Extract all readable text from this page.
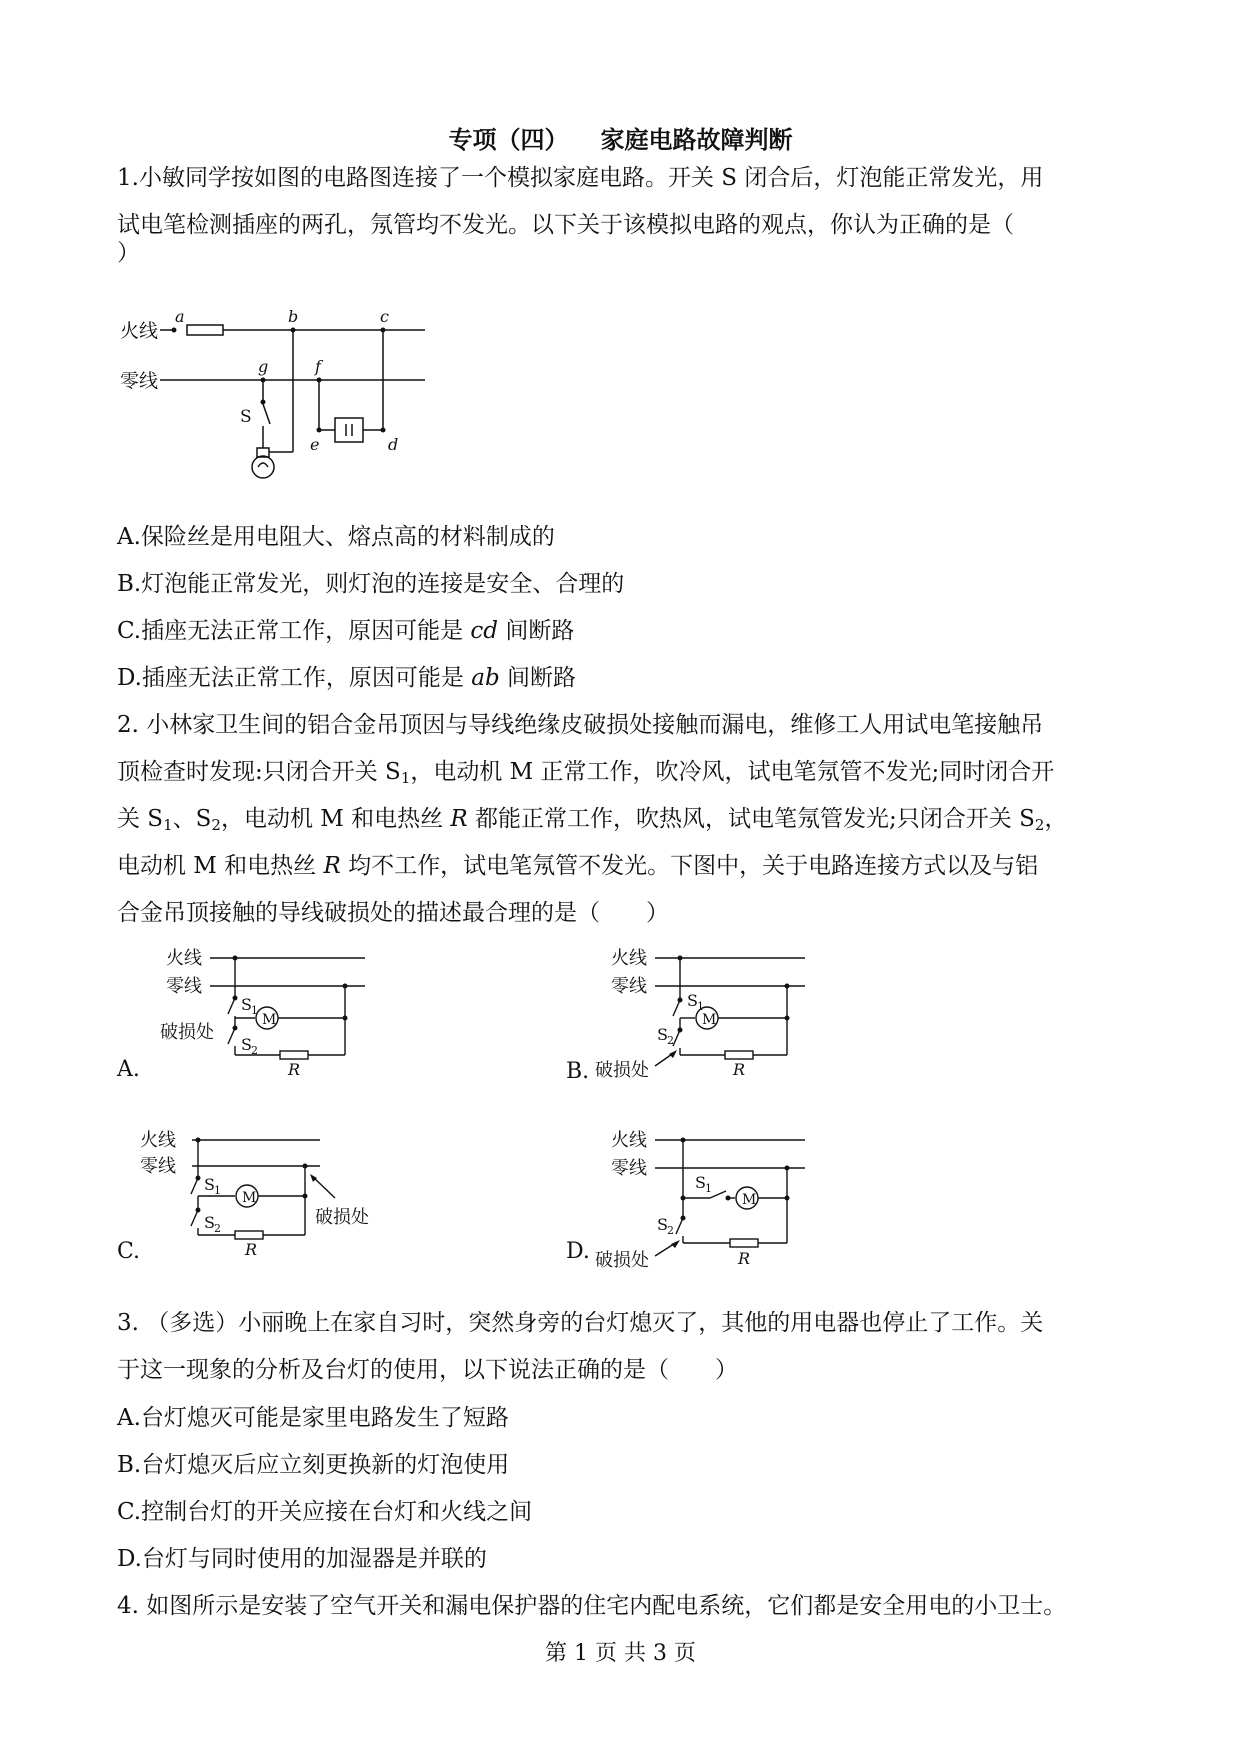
专项（四） 家庭电路故障判断

1.小敏同学按如图的电路图连接了一个模拟家庭电路。开关 S 闭合后，灯泡能正常发光，用

试电笔检测插座的两孔，氖管均不发光。以下关于该模拟电路的观点，你认为正确的是（

）

火线
零线
a	b	c
g	f
S
e	d

A.保险丝是用电阻大、熔点高的材料制成的

B.灯泡能正常发光，则灯泡的连接是安全、合理的

C.插座无法正常工作，原因可能是 cd 间断路

D.插座无法正常工作，原因可能是 ab 间断路

2. 小林家卫生间的铝合金吊顶因与导线绝缘皮破损处接触而漏电，维修工人用试电笔接触吊

顶检查时发现:只闭合开关 $S_1$，电动机 M 正常工作，吹冷风，试电笔氖管不发光;同时闭合开

关 $S_1$、$S_2$，电动机 M 和电热丝 R 都能正常工作，吹热风，试电笔氖管发光;只闭合开关 $S_2$，

电动机 M 和电热丝 R 均不工作，试电笔氖管不发光。下图中，关于电路连接方式以及与铝

合金吊顶接触的导线破损处的描述最合理的是（　　）

火线
零线
破损处
S 1
S 2
M
R
A.
火线
零线
S 1
S 2
M
破损处	R
B.
火线
零线
S 1
S 2
M
破损处
R
C.
火线
零线
S 1
S 2
M
破损处	R
D.

3. （多选）小丽晚上在家自习时，突然身旁的台灯熄灭了，其他的用电器也停止了工作。关

于这一现象的分析及台灯的使用，以下说法正确的是（　　）

A.台灯熄灭可能是家里电路发生了短路

B.台灯熄灭后应立刻更换新的灯泡使用

C.控制台灯的开关应接在台灯和火线之间

D.台灯与同时使用的加湿器是并联的

4. 如图所示是安装了空气开关和漏电保护器的住宅内配电系统，它们都是安全用电的小卫士。

第 1 页 共 3 页
